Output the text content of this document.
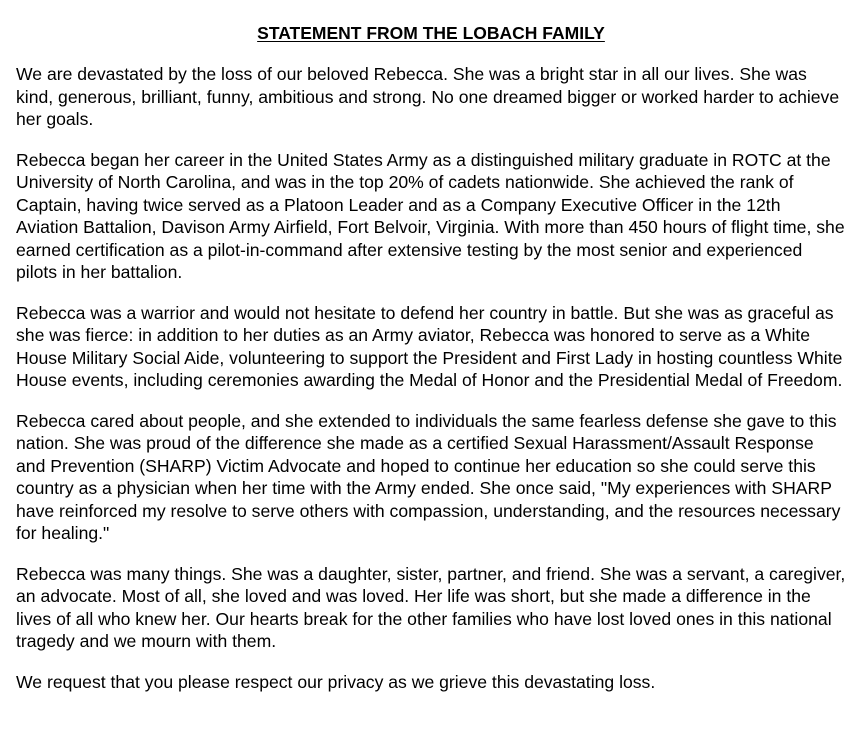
STATEMENT FROM THE LOBACH FAMILY

We are devastated by the loss of our beloved Rebecca. She was a bright star in all our lives. She was kind, generous, brilliant, funny, ambitious and strong. No one dreamed bigger or worked harder to achieve her goals.

Rebecca began her career in the United States Army as a distinguished military graduate in ROTC at the University of North Carolina, and was in the top 20% of cadets nationwide. She achieved the rank of Captain, having twice served as a Platoon Leader and as a Company Executive Officer in the 12th Aviation Battalion, Davison Army Airfield, Fort Belvoir, Virginia. With more than 450 hours of flight time, she earned certification as a pilot-in-command after extensive testing by the most senior and experienced pilots in her battalion.

Rebecca was a warrior and would not hesitate to defend her country in battle. But she was as graceful as she was fierce: in addition to her duties as an Army aviator, Rebecca was honored to serve as a White House Military Social Aide, volunteering to support the President and First Lady in hosting countless White House events, including ceremonies awarding the Medal of Honor and the Presidential Medal of Freedom.

Rebecca cared about people, and she extended to individuals the same fearless defense she gave to this nation. She was proud of the difference she made as a certified Sexual Harassment/Assault Response and Prevention (SHARP) Victim Advocate and hoped to continue her education so she could serve this country as a physician when her time with the Army ended. She once said, "My experiences with SHARP have reinforced my resolve to serve others with compassion, understanding, and the resources necessary for healing."

Rebecca was many things. She was a daughter, sister, partner, and friend. She was a servant, a caregiver, an advocate. Most of all, she loved and was loved. Her life was short, but she made a difference in the lives of all who knew her. Our hearts break for the other families who have lost loved ones in this national tragedy and we mourn with them.

We request that you please respect our privacy as we grieve this devastating loss.
